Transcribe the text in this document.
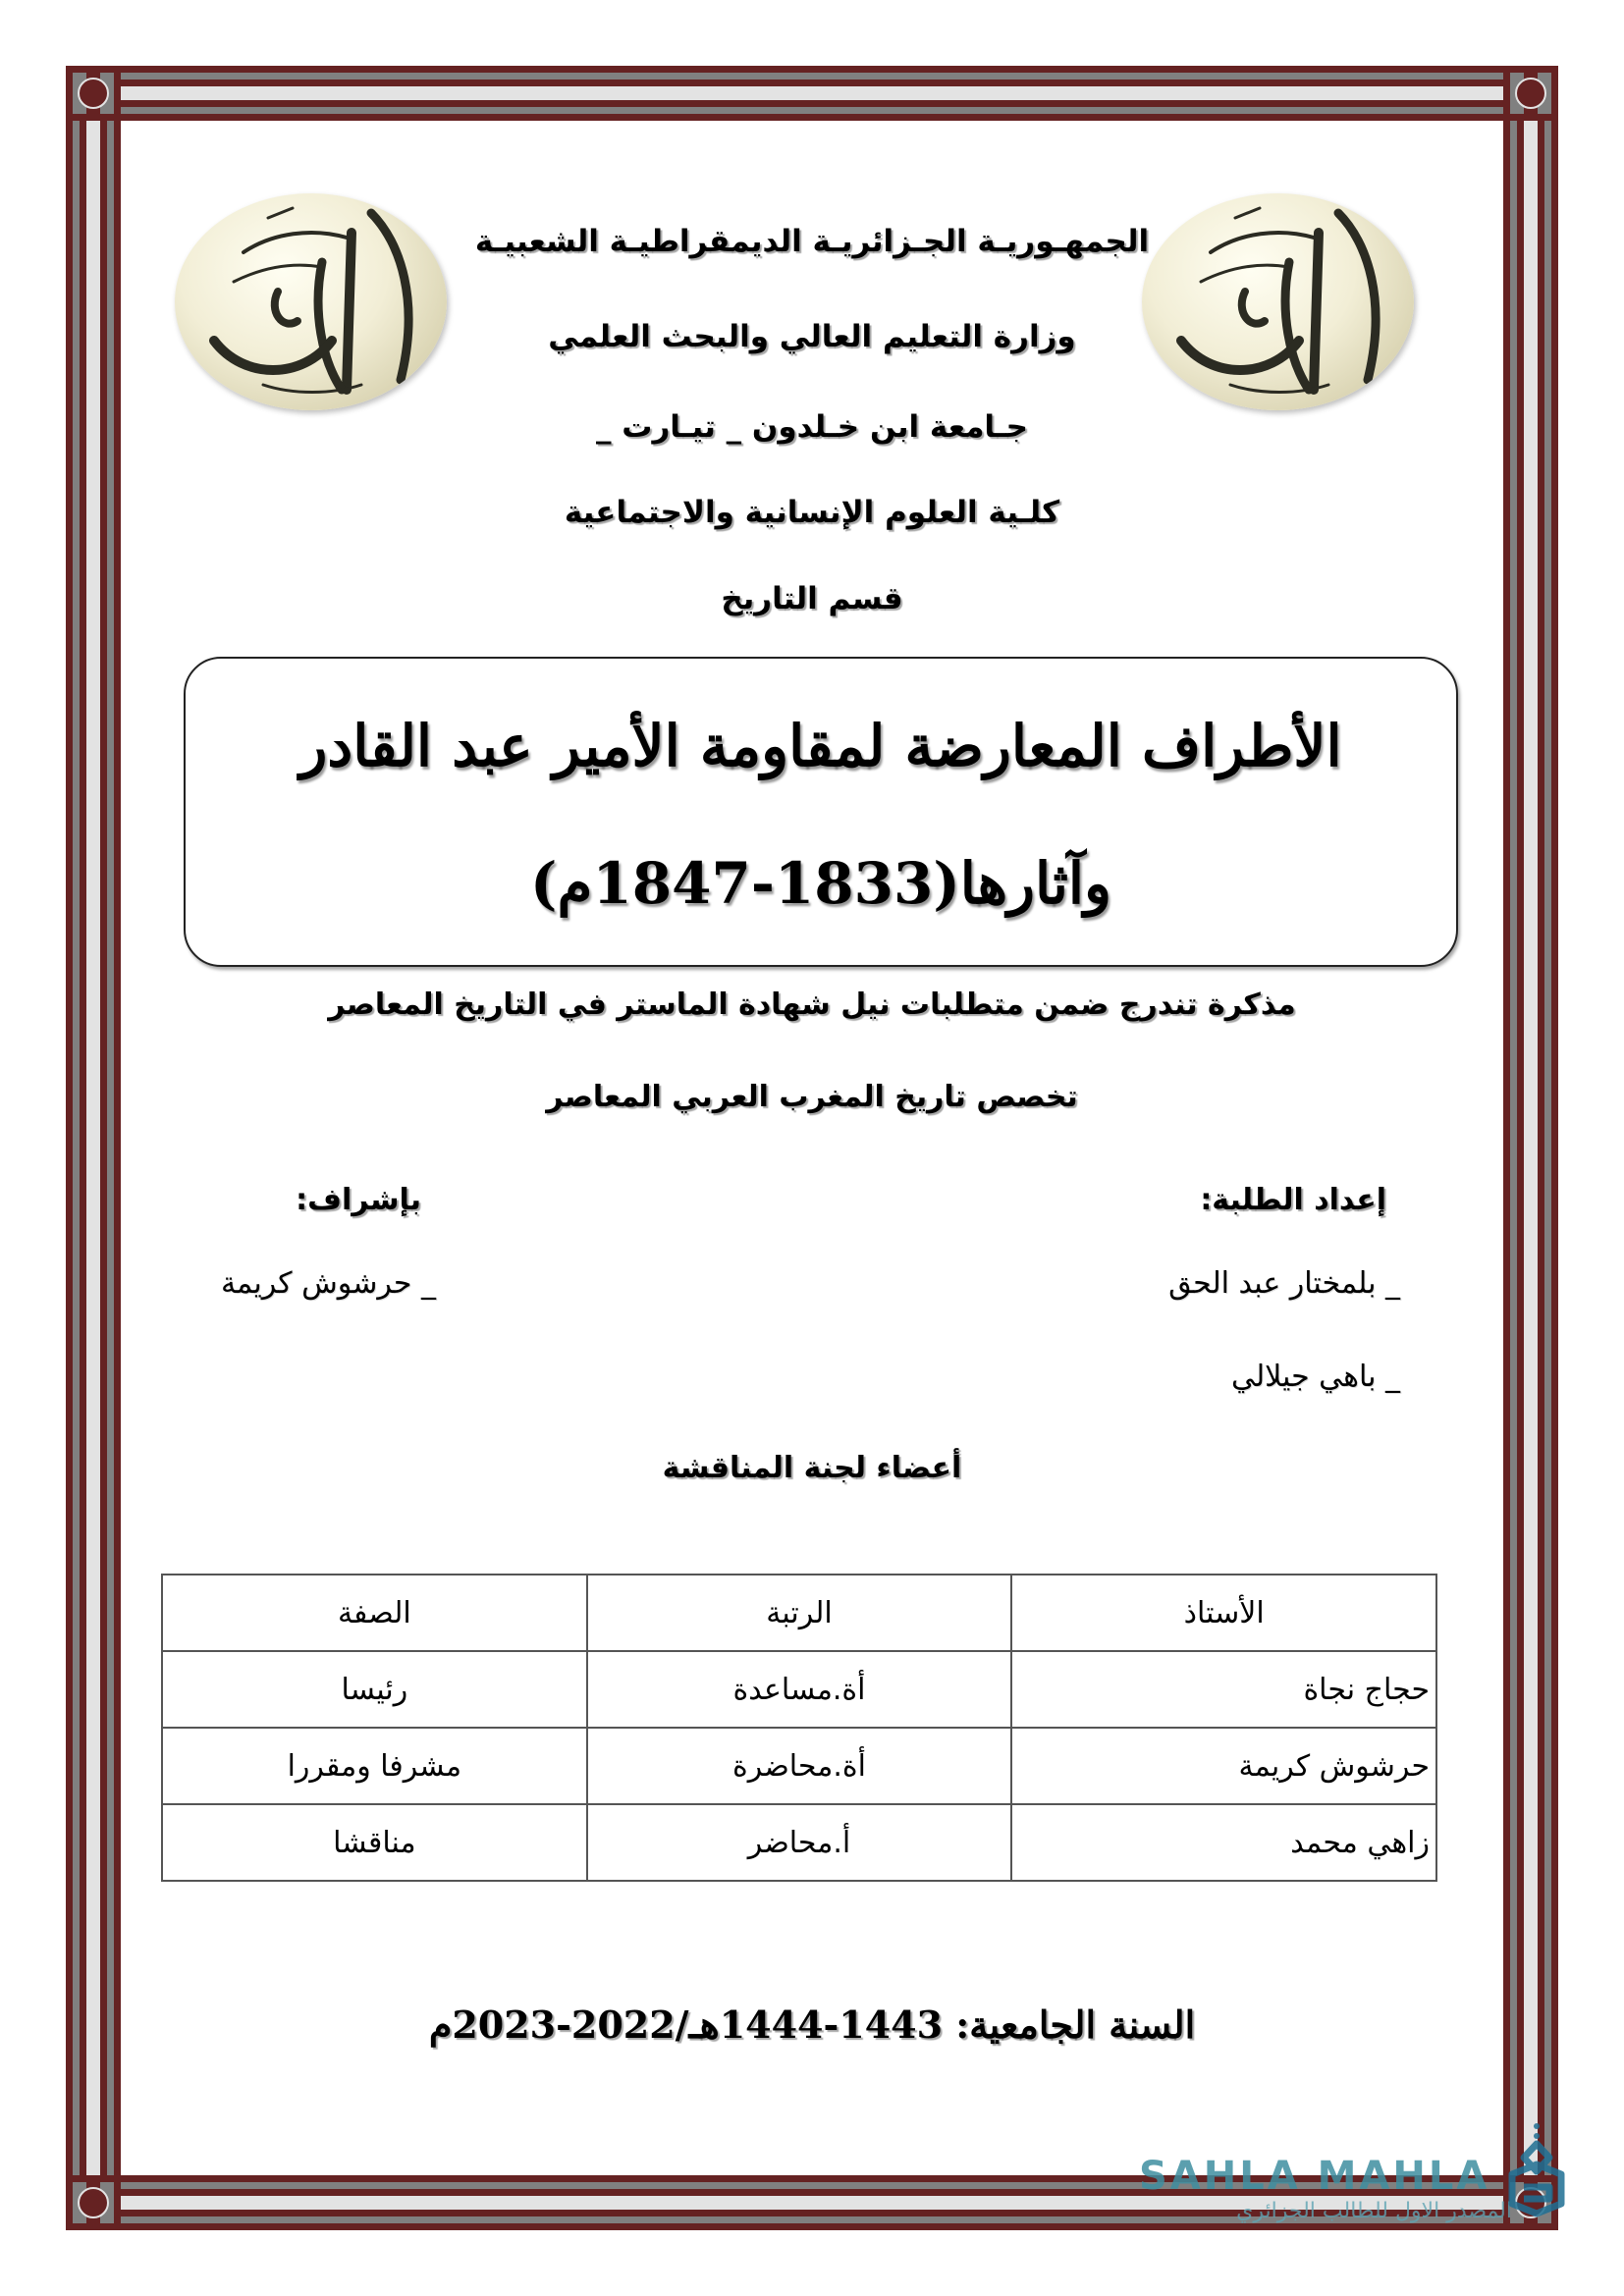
الجمهـوريـة الجـزائريـة الديمقراطيـة الشعبيـة
وزارة التعليم العالي والبحث العلمي
جـامعة ابن خـلدون _ تيـارت _
كلـية العلوم الإنسانية والاجتماعية
قسم التاريخ
الأطراف المعارضة لمقاومة الأمير عبد القادر
وآثارها(1833-1847م)
مذكرة تندرج ضمن متطلبات نيل شهادة الماستر في التاريخ المعاصر
تخصص تاريخ المغرب العربي المعاصر
إعداد الطلبة:
بإشراف:
_ بلمختار عبد الحق
_ باهي جيلالي
_ حرشوش كريمة
أعضاء لجنة المناقشة
الأستاذ	الرتبة	الصفة
حجاج نجاة	أة.مساعدة	رئيسا
حرشوش كريمة	أة.محاضرة	مشرفا ومقررا
زاهي محمد	أ.محاضر	مناقشا
السنة الجامعية: 1443-1444هـ/2022-2023م
SAHLA MAHLA
المصدر الاول للطالب الجزائري
